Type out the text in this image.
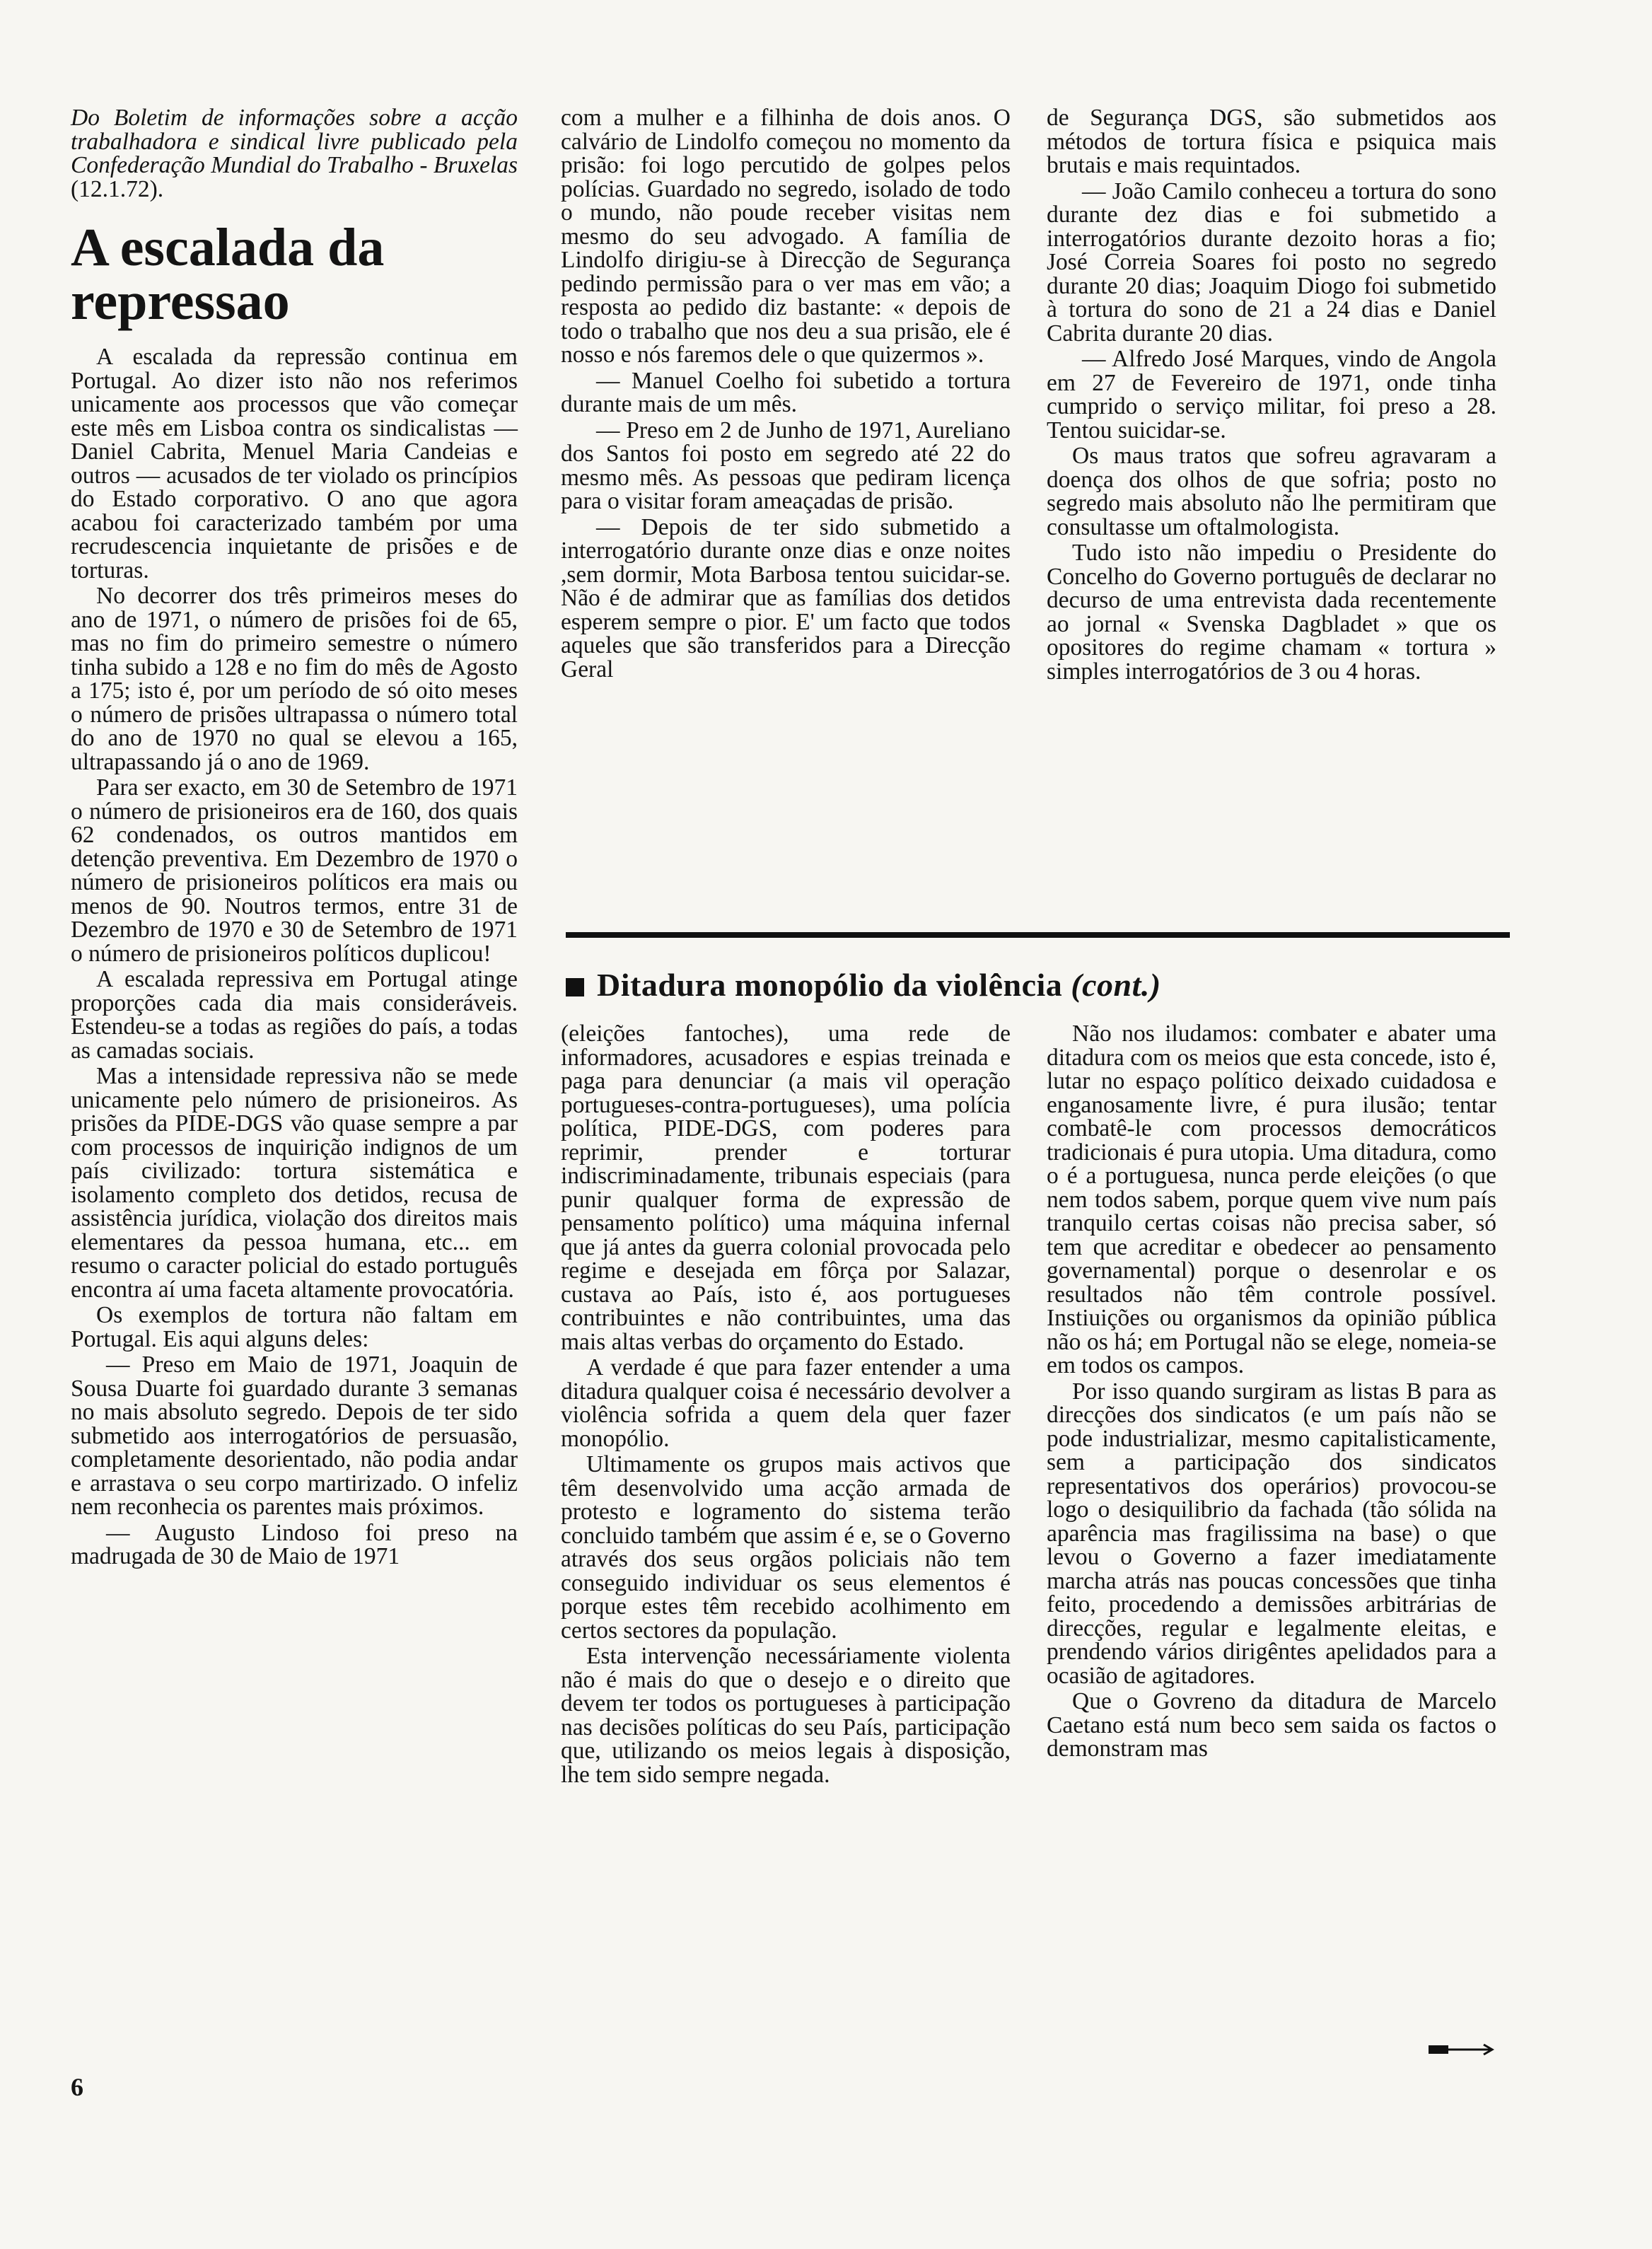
Do Boletim de informações sobre a acção trabalhadora e sindical livre publicado pela Confederação Mundial do Trabalho - Bruxelas (12.1.72).

A escalada da repressao

A escalada da repressão continua em Portugal. Ao dizer isto não nos referimos unicamente aos processos que vão começar este mês em Lisboa contra os sindicalistas — Daniel Cabrita, Menuel Maria Candeias e outros — acusados de ter violado os princípios do Estado corporativo. O ano que agora acabou foi caracterizado também por uma recrudescencia inquietante de prisões e de torturas.

No decorrer dos três primeiros meses do ano de 1971, o número de prisões foi de 65, mas no fim do primeiro semestre o número tinha subido a 128 e no fim do mês de Agosto a 175; isto é, por um período de só oito meses o número de prisões ultrapassa o número total do ano de 1970 no qual se elevou a 165, ultrapassando já o ano de 1969.

Para ser exacto, em 30 de Setembro de 1971 o número de prisioneiros era de 160, dos quais 62 condenados, os outros mantidos em detenção preventiva. Em Dezembro de 1970 o número de prisioneiros políticos era mais ou menos de 90. Noutros termos, entre 31 de Dezembro de 1970 e 30 de Setembro de 1971 o número de prisioneiros políticos duplicou!

A escalada repressiva em Portugal atinge proporções cada dia mais consideráveis. Estendeu-se a todas as regiões do país, a todas as camadas sociais.

Mas a intensidade repressiva não se mede unicamente pelo número de prisioneiros. As prisões da PIDE-DGS vão quase sempre a par com processos de inquirição indignos de um país civilizado: tortura sistemática e isolamento completo dos detidos, recusa de assistência jurídica, violação dos direitos mais elementares da pessoa humana, etc... em resumo o caracter policial do estado português encontra aí uma faceta altamente provocatória.

Os exemplos de tortura não faltam em Portugal. Eis aqui alguns deles:

— Preso em Maio de 1971, Joaquin de Sousa Duarte foi guardado durante 3 semanas no mais absoluto segredo. Depois de ter sido submetido aos interrogatórios de persuasão, completamente desorientado, não podia andar e arrastava o seu corpo martirizado. O infeliz nem reconhecia os parentes mais próximos.

— Augusto Lindoso foi preso na madrugada de 30 de Maio de 1971

com a mulher e a filhinha de dois anos. O calvário de Lindolfo começou no momento da prisão: foi logo percutido de golpes pelos polícias. Guardado no segredo, isolado de todo o mundo, não poude receber visitas nem mesmo do seu advogado. A família de Lindolfo dirigiu-se à Direcção de Segurança pedindo permissão para o ver mas em vão; a resposta ao pedido diz bastante: « depois de todo o trabalho que nos deu a sua prisão, ele é nosso e nós faremos dele o que quizermos ».

— Manuel Coelho foi subetido a tortura durante mais de um mês.

— Preso em 2 de Junho de 1971, Aureliano dos Santos foi posto em segredo até 22 do mesmo mês. As pessoas que pediram licença para o visitar foram ameaçadas de prisão.

— Depois de ter sido submetido a interrogatório durante onze dias e onze noites ,sem dormir, Mota Barbosa tentou suicidar-se. Não é de admirar que as famílias dos detidos esperem sempre o pior. E' um facto que todos aqueles que são transferidos para a Direcção Geral

de Segurança DGS, são submetidos aos métodos de tortura física e psiquica mais brutais e mais requintados.

— João Camilo conheceu a tortura do sono durante dez dias e foi submetido a interrogatórios durante dezoito horas a fio; José Correia Soares foi posto no segredo durante 20 dias; Joaquim Diogo foi submetido à tortura do sono de 21 a 24 dias e Daniel Cabrita durante 20 dias.

— Alfredo José Marques, vindo de Angola em 27 de Fevereiro de 1971, onde tinha cumprido o serviço militar, foi preso a 28. Tentou suicidar-se.

Os maus tratos que sofreu agravaram a doença dos olhos de que sofria; posto no segredo mais absoluto não lhe permitiram que consultasse um oftalmologista.

Tudo isto não impediu o Presidente do Concelho do Governo português de declarar no decurso de uma entrevista dada recentemente ao jornal « Svenska Dagbladet » que os opositores do regime chamam « tortura » simples interrogatórios de 3 ou 4 horas.

Ditadura monopólio da violência (cont.)

(eleições fantoches), uma rede de informadores, acusadores e espias treinada e paga para denunciar (a mais vil operação portugueses-contra-portugueses), uma polícia política, PIDE-DGS, com poderes para reprimir, prender e torturar indiscriminadamente, tribunais especiais (para punir qualquer forma de expressão de pensamento político) uma máquina infernal que já antes da guerra colonial provocada pelo regime e desejada em fôrça por Salazar, custava ao País, isto é, aos portugueses contribuintes e não contribuintes, uma das mais altas verbas do orçamento do Estado.

A verdade é que para fazer entender a uma ditadura qualquer coisa é necessário devolver a violência sofrida a quem dela quer fazer monopólio.

Ultimamente os grupos mais activos que têm desenvolvido uma acção armada de protesto e logramento do sistema terão concluido também que assim é e, se o Governo através dos seus orgãos policiais não tem conseguido individuar os seus elementos é porque estes têm recebido acolhimento em certos sectores da população.

Esta intervenção necessáriamente violenta não é mais do que o desejo e o direito que devem ter todos os portugueses à participação nas decisões políticas do seu País, participação que, utilizando os meios legais à disposição, lhe tem sido sempre negada.

Não nos iludamos: combater e abater uma ditadura com os meios que esta concede, isto é, lutar no espaço político deixado cuidadosa e enganosamente livre, é pura ilusão; tentar combatê-le com processos democráticos tradicionais é pura utopia. Uma ditadura, como o é a portuguesa, nunca perde eleições (o que nem todos sabem, porque quem vive num país tranquilo certas coisas não precisa saber, só tem que acreditar e obedecer ao pensamento governamental) porque o desenrolar e os resultados não têm controle possível. Instiuições ou organismos da opinião pública não os há; em Portugal não se elege, nomeia-se em todos os campos.

Por isso quando surgiram as listas B para as direcções dos sindicatos (e um país não se pode industrializar, mesmo capitalisticamente, sem a participação dos sindicatos representativos dos operários) provocou-se logo o desiquilibrio da fachada (tão sólida na aparência mas fragilissima na base) o que levou o Governo a fazer imediatamente marcha atrás nas poucas concessões que tinha feito, procedendo a demissões arbitrárias de direcções, regular e legalmente eleitas, e prendendo vários dirigêntes apelidados para a ocasião de agitadores.

Que o Govreno da ditadura de Marcelo Caetano está num beco sem saida os factos o demonstram mas

6
